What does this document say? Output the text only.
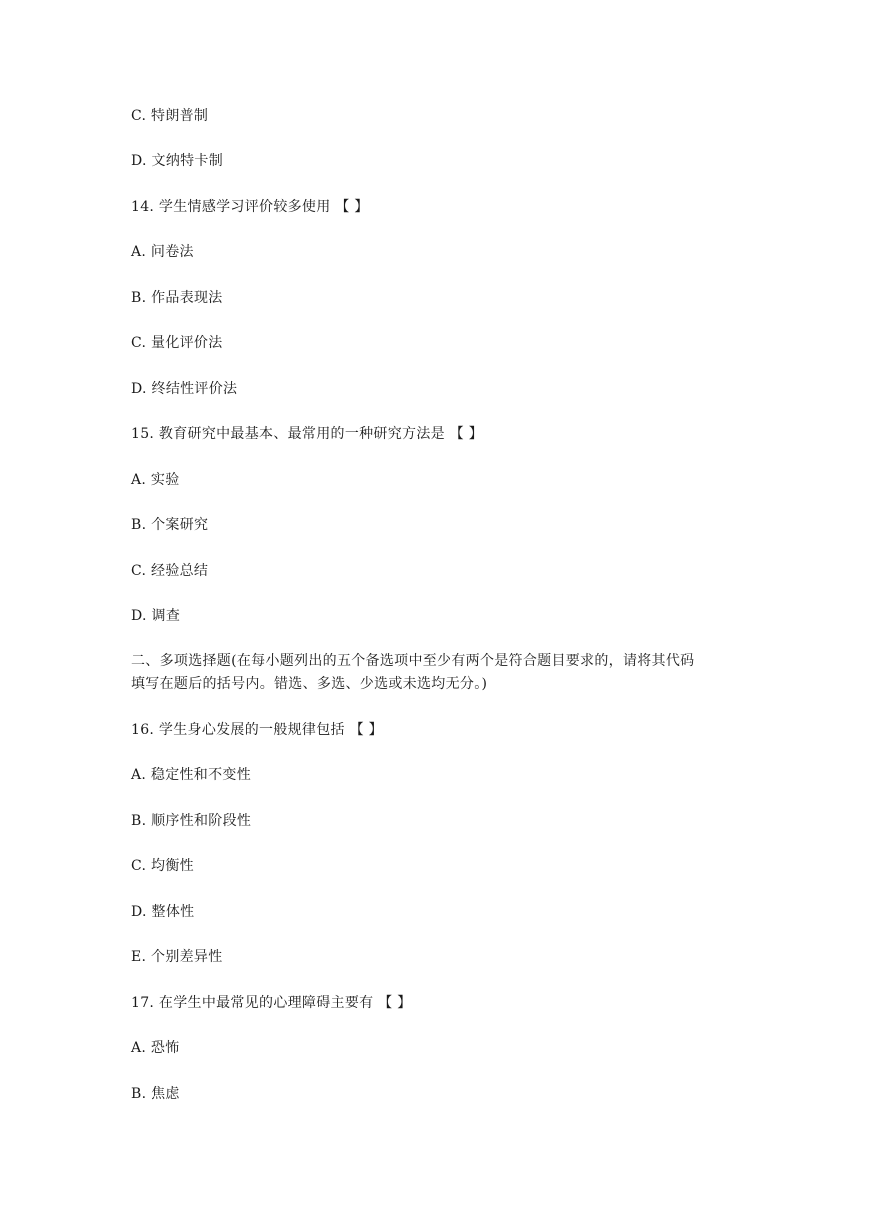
C. 特朗普制
D. 文纳特卡制
14. 学生情感学习评价较多使用 【 】
A. 问卷法
B. 作品表现法
C. 量化评价法
D. 终结性评价法
15. 教育研究中最基本、最常用的一种研究方法是 【 】
A. 实验
B. 个案研究
C. 经验总结
D. 调查
二、多项选择题(在每小题列出的五个备选项中至少有两个是符合题目要求的，请将其代码
填写在题后的括号内。错选、多选、少选或未选均无分。)
16. 学生身心发展的一般规律包括 【 】
A. 稳定性和不变性
B. 顺序性和阶段性
C. 均衡性
D. 整体性
E. 个别差异性
17. 在学生中最常见的心理障碍主要有 【 】
A. 恐怖
B. 焦虑
